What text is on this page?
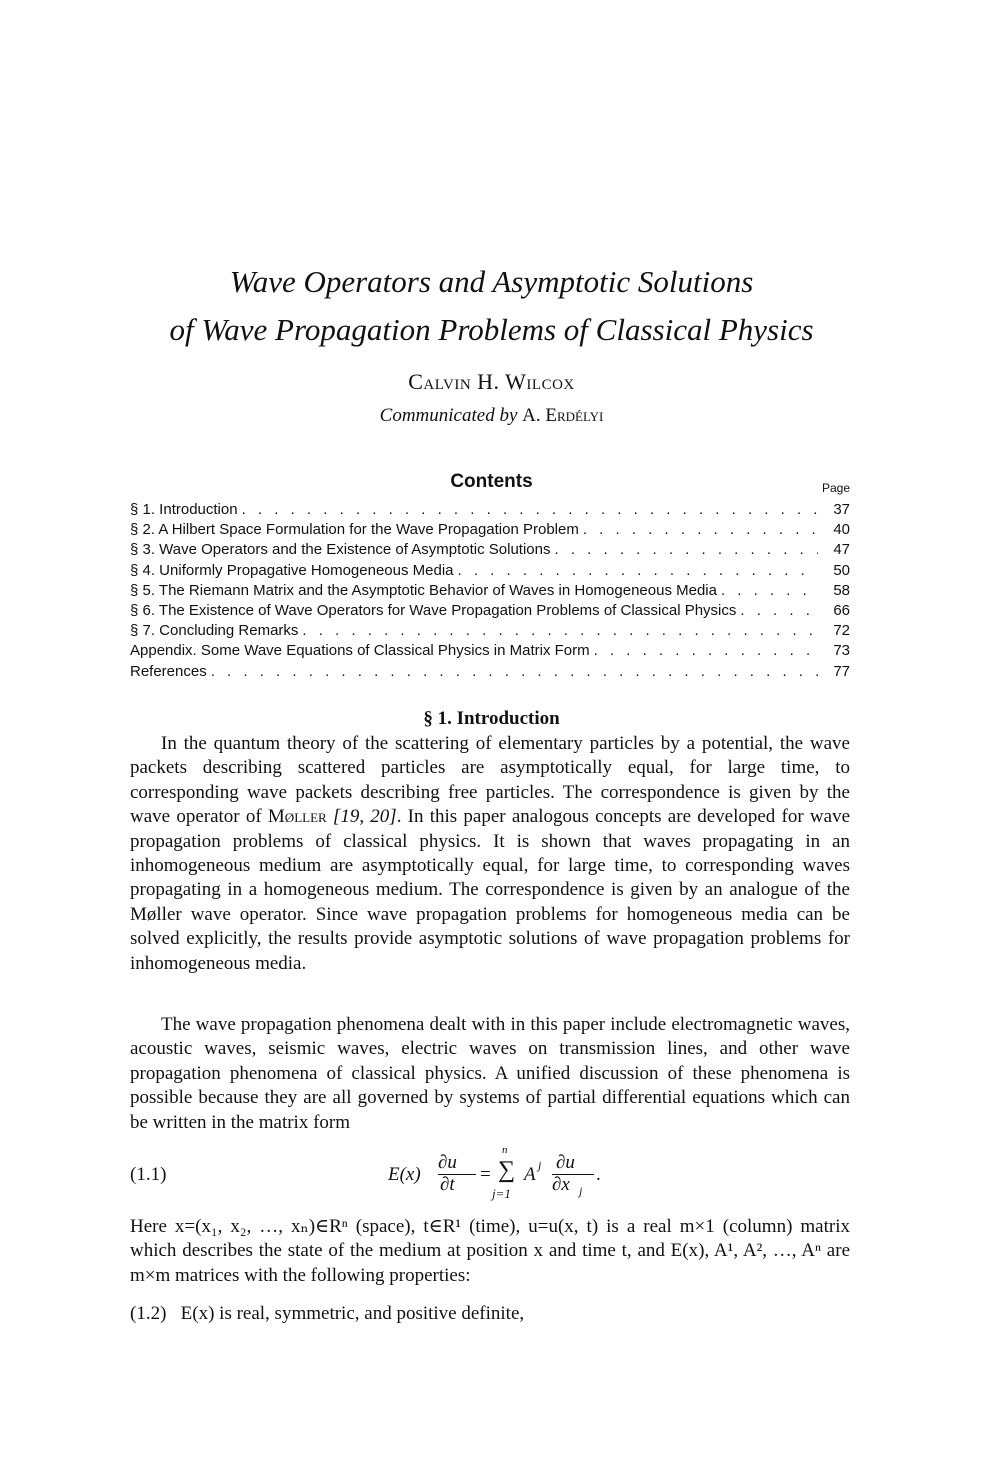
Wave Operators and Asymptotic Solutions
of Wave Propagation Problems of Classical Physics
Calvin H. Wilcox
Communicated by A. Erdélyi
Contents	Page
§ 1. Introduction . . .	37
§ 2. A Hilbert Space Formulation for the Wave Propagation Problem . . .	40
§ 3. Wave Operators and the Existence of Asymptotic Solutions . . .	47
§ 4. Uniformly Propagative Homogeneous Media . . .	50
§ 5. The Riemann Matrix and the Asymptotic Behavior of Waves in Homogeneous Media . . .	58
§ 6. The Existence of Wave Operators for Wave Propagation Problems of Classical Physics . . .	66
§ 7. Concluding Remarks . . .	72
Appendix. Some Wave Equations of Classical Physics in Matrix Form . . .	73
References . . .	77
§ 1. Introduction

In the quantum theory of the scattering of elementary particles by a potential, the wave packets describing scattered particles are asymptotically equal, for large time, to corresponding wave packets describing free particles. The correspondence is given by the wave operator of Møller [19, 20]. In this paper analogous concepts are developed for wave propagation problems of classical physics. It is shown that waves propagating in an inhomogeneous medium are asymptotically equal, for large time, to corresponding waves propagating in a homogeneous medium. The correspondence is given by an analogue of the Møller wave operator. Since wave propagation problems for homogeneous media can be solved explicitly, the results provide asymptotic solutions of wave propagation problems for inhomogeneous media.

The wave propagation phenomena dealt with in this paper include electromagnetic waves, acoustic waves, seismic waves, electric waves on transmission lines, and other wave propagation phenomena of classical physics. A unified discussion of these phenomena is possible because they are all governed by systems of partial differential equations which can be written in the matrix form

(1.1)	E(x)
∂u
∂t =
n
∑
j=1
A j ∂u
∂x j
.

Here x=(x₁, x₂, …, xₙ)∈Rⁿ (space), t∈R¹ (time), u=u(x, t) is a real m×1 (column) matrix which describes the state of the medium at position x and time t, and E(x), A¹, A², …, Aⁿ are m×m matrices with the following properties:

(1.2) E(x) is real, symmetric, and positive definite,
